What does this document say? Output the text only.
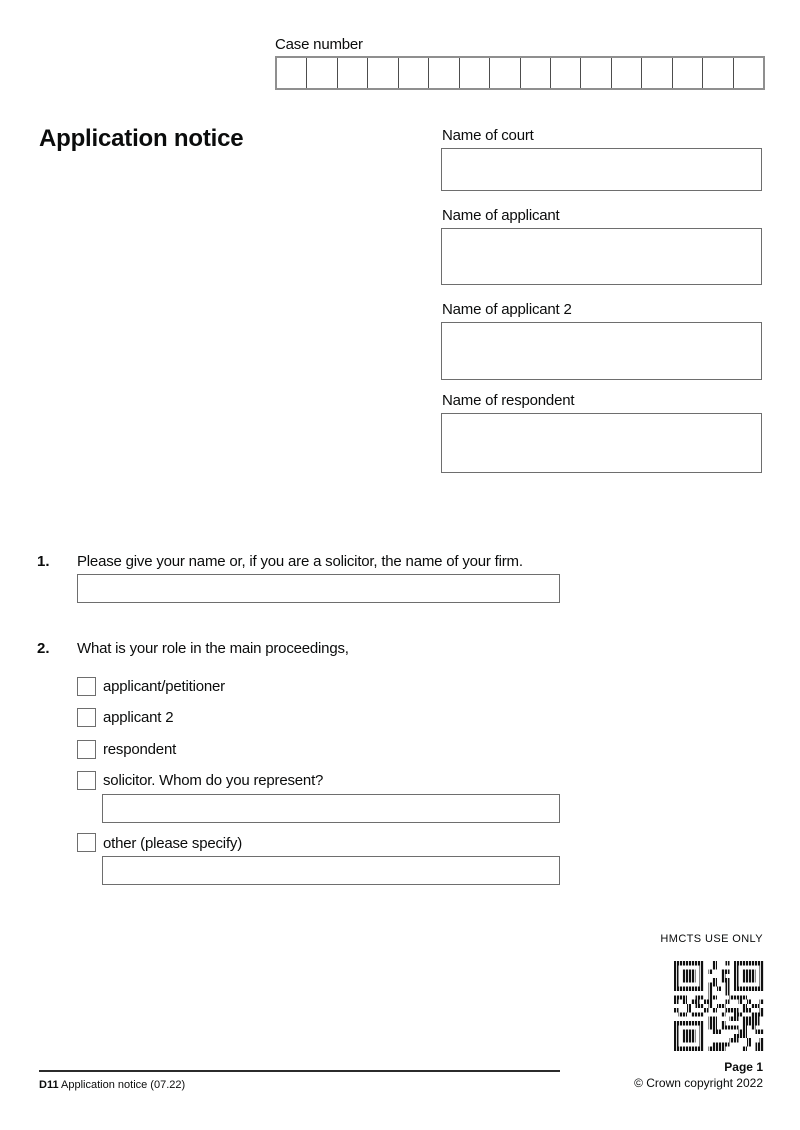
Case number
Application notice	Name of court
Name of applicant
Name of applicant 2
Name of respondent
1. Please give your name or, if you are a solicitor, the name of your firm.
2. What is your role in the main proceedings,
applicant/petitioner
applicant 2
respondent
solicitor. Whom do you represent?
other (please specify)
HMCTS USE ONLY
D11 Application notice (07.22)
Page 1
© Crown copyright 2022
